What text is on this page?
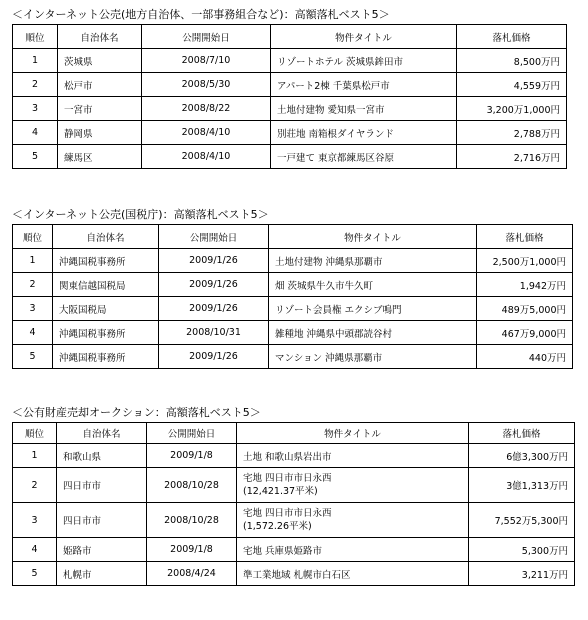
＜インターネット公売(地方自治体、一部事務組合など)：高額落札ベスト5＞
順位	自治体名	公開開始日	物件タイトル	落札価格
1	茨城県	2008/7/10	リゾートホテル 茨城県鉾田市	8,500万円
2	松戸市	2008/5/30	アパート2棟 千葉県松戸市	4,559万円
3	一宮市	2008/8/22	土地付建物 愛知県一宮市	3,200万1,000円
4	静岡県	2008/4/10	別荘地 南箱根ダイヤランド	2,788万円
5	練馬区	2008/4/10	一戸建て 東京都練馬区谷原	2,716万円
＜インターネット公売(国税庁)：高額落札ベスト5＞
順位	自治体名	公開開始日	物件タイトル	落札価格
1	沖縄国税事務所	2009/1/26	土地付建物 沖縄県那覇市	2,500万1,000円
2	関東信越国税局	2009/1/26	畑 茨城県牛久市牛久町	1,942万円
3	大阪国税局	2009/1/26	リゾート会員権 エクシブ鳴門	489万5,000円
4	沖縄国税事務所	2008/10/31	雑種地 沖縄県中頭郡読谷村	467万9,000円
5	沖縄国税事務所	2009/1/26	マンション 沖縄県那覇市	440万円
＜公有財産売却オークション：高額落札ベスト5＞
順位	自治体名	公開開始日	物件タイトル	落札価格
1	和歌山県	2009/1/8	土地 和歌山県岩出市	6億3,300万円
2	四日市市	2008/10/28	宅地 四日市市日永西
(12,421.37平米)	3億1,313万円
3	四日市市	2008/10/28	宅地 四日市市日永西
(1,572.26平米)	7,552万5,300円
4	姫路市	2009/1/8	宅地 兵庫県姫路市	5,300万円
5	札幌市	2008/4/24	準工業地域 札幌市白石区	3,211万円
